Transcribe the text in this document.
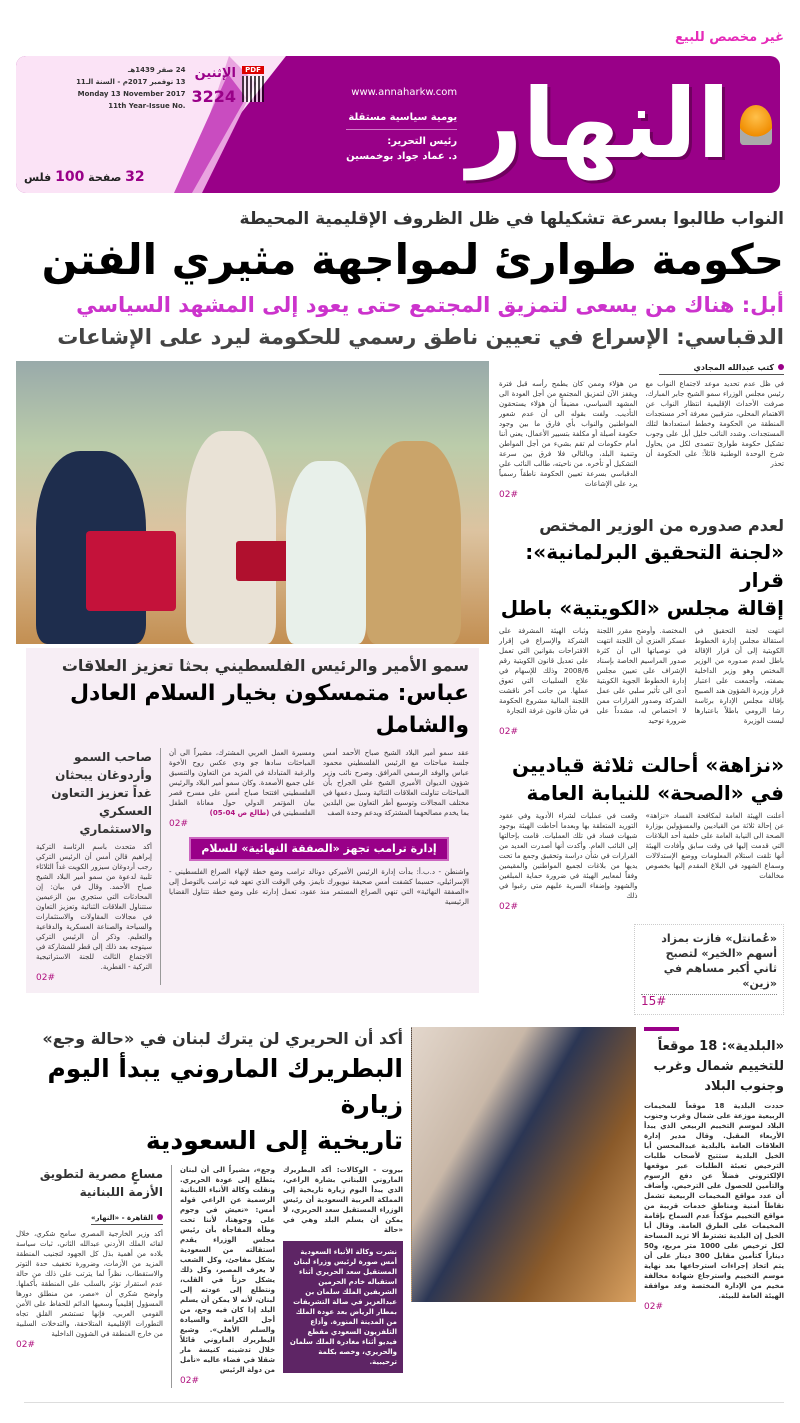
غير مخصص للبيع
النهار
www.annaharkw.com
يومية سياسية مستقلة
رئيس التحرير:
د. عماد جواد بوخمسين
PDF
الإثنين
3224
24 صفر 1439هـ
13 نوفمبر 2017م - السنة الـ11
Monday 13 November 2017
11th Year-Issue No.
32 صفحة 100 فلس
النواب طالبوا بسرعة تشكيلها في ظل الظروف الإقليمية المحيطة
حكومة طوارئ لمواجهة مثيري الفتن
أبل: هناك من يسعى لتمزيق المجتمع حتى يعود إلى المشهد السياسي
الدقباسي: الإسراع في تعيين ناطق رسمي للحكومة ليرد على الإشاعات
كتب عبدالله المجادي
في ظل عدم تحديد موعد لاجتماع النواب مع رئيس مجلس الوزراء سمو الشيخ جابر المبارك، صرفت الأحداث الإقليمية انتظار النواب عن الاهتمام المحلي، مترقبين معرفة آخر مستجدات المنطقة من الحكومة وخطط استعدادها لتلك المستجدات. وشدد النائب خليل أبل على وجوب تشكيل حكومة طوارئ تتصدى لكل من يحاول شرخ الوحدة الوطنية قائلاً: على الحكومة أن تحذر
من هؤلاء وممن كان يطمح رأسه قبل فترة ويقفز الآن لتمزيق المجتمع من أجل العودة الى المشهد السياسي، مضيفاً أن هؤلاء يستحقون التأديب. ولفت بقوله الى أن عدم شعور المواطنين والنواب بأي فارق ما بين وجود حكومة أصيلة أو مكلفة بتسيير الأعمال، يعني أننا أمام حكومات لم تقم بشيء من أجل المواطن وتنمية البلد، وبالتالي فلا فرق بين سرعة التشكيل أو تأخره. من ناحيته، طالب النائب علي الدقباسي بسرعة تعيين الحكومة ناطقاً رسمياً يرد على الإشاعات
02#
لعدم صدوره من الوزير المختص
«لجنة التحقيق البرلمانية»: قرار
إقالة مجلس «الكويتية» باطل
انتهت لجنة التحقيق في استقالة مجلس إدارة الخطوط الكويتية إلى أن قرار الإقالة باطل لعدم صدوره من الوزير المختص وهو وزير الداخلية بصفته، وأجمعت على اعتبار قرار وزيرة الشؤون هند الصبيح بإقالة مجلس الإدارة برئاسة رشا الرومي باطلاً باعتبارها ليست الوزيرة
المختصة. وأوضح مقرر اللجنة عسكر العنزي أن اللجنة انتهت في توصياتها الى أن كثرة صدور المراسيم الخاصة بإسناد الإشراف على تعيين مجلس إدارة الخطوط الجوية الكويتية أدى الى تأثير سلبي على عمل الشركة وصدور القرارات ممن لا اختصاص له، مشدداً على ضرورة توحيد
وثبات الهيئة المشرفة على الشركة والإسراع في إقرار الاقتراحات بقوانين التي تعمل على تعديل قانون الكويتية رقم 2008/6 وذلك للإسهام في علاج السلبيات التي تعوق عملها. من جانب آخر ناقشت اللجنة المالية مشروع الحكومة في شأن قانون غرفة التجارة
02#
«نزاهة» أحالت ثلاثة قياديين
في «الصحة» للنيابة العامة
أعلنت الهيئة العامة لمكافحة الفساد «نزاهة» عن إحالة ثلاثة من القياديين والمسؤولين بوزارة الصحة الى النيابة العامة على خلفية أحد البلاغات التي قدمت إليها في وقت سابق وأفادت الهيئة أنها تلقت استلام المعلومات ووضع الإستدلالات وسماع الشهود في البلاغ المقدم إليها بخصوص مخالفات
وقعت في عمليات لشراء الأدوية وفي عقود التوريد المتعلقة بها وبعدما أحاطت الهيئة بوجود شبهات فساد في تلك العمليات. قامت بإحالتها إلى النائب العام. وأكدت أنها أصدرت العديد من القرارات في شأن دراسة وتحقيق وجمع ما تحت يديها من بلاغات لجميع المواطنين والمقيمين وفقاً لمعايير الهيئة في ضرورة حماية المبلغين والشهود وإضفاء السرية عليهم متى رغبوا في ذلك
02#
«عُمانتل» فازت بمزاد أسهم «الخير» لتصبح ثاني أكبر مساهم في «زين»
15#
سمو الأمير والرئيس الفلسطيني بحثا تعزيز العلاقات
عباس: متمسكون بخيار السلام العادل والشامل
عقد سمو أمير البلاد الشيخ صباح الأحمد أمس جلسة مباحثات مع الرئيس الفلسطيني محمود عباس والوفد الرسمي المرافق. وصرح نائب وزير شؤون الديوان الأميري الشيخ علي الجراح بأن المباحثات تناولت العلاقات الثنائية وسبل دعمها في مختلف المجالات وتوسيع أطر التعاون بين البلدين بما يخدم مصالحهما المشتركة ويدعم وحدة الصف
ومسيرة العمل العربي المشترك، مشيراً الى أن المباحثات سادها جو ودي عكس روح الأخوة والرغبة المتبادلة في المزيد من التعاون والتنسيق على جميع الأصعدة. وكان سمو أمير البلاد والرئيس الفلسطيني افتتحا صباح أمس على مسرح قصر بيان المؤتمر الدولي حول معاناة الطفل الفلسطيني في (طالع ص 04-05)
02#
إدارة ترامب تجهز «الصفقة النهائية» للسلام
واشنطن - د.ب.أ: بدأت إدارة الرئيس الأميركي دونالد ترامب وضع خطة لإنهاء الصراع الفلسطيني - الإسرائيلي، حسبما كشفت أمس صحيفة نيويورك تايمز. وفي الوقت الذي تعهد فيه ترامب بالتوصل إلى «الصفقة النهائية» التي تنهي الصراع المستمر منذ عقود، تعمل إدارته على وضع خطة تتناول القضايا الرئيسية
صاحب السمو وأردوغان يبحثان غداً تعزيز التعاون العسكري والاستثماري
أكد متحدث باسم الرئاسة التركية إبراهيم قالن أمس أن الرئيس التركي رجب أردوغان سيزور الكويت غداً الثلاثاء تلبية لدعوة من سمو أمير البلاد الشيخ صباح الأحمد. وقال في بيان: إن المحادثات التي ستجري بين الزعيمين ستتناول العلاقات الثنائية وتعزيز التعاون في مجالات المقاولات والاستثمارات والسياحة والصناعة العسكرية والدفاعية والتعليم. وذكر أن الرئيس التركي سيتوجه بعد ذلك إلى قطر للمشاركة في الاجتماع الثالث للجنة الاستراتيجية التركية - القطرية.
02#
«البلدية»: 18 موقعاً للتخييم شمال وغرب وجنوب البلاد
حددت البلدية 18 موقعاً للمخيمات الربيعية موزعة على شمال وغرب وجنوب البلاد لموسم التخييم الربيعي الذي يبدأ الأربعاء المقبل. وقال مدير إدارة العلاقات العامة بالبلدية عبدالمحسن أبا الخيل البلدية ستتيح لأصحاب طلبات الترخيص تعبئة الطلبات عبر موقعها الإلكتروني فضلاً عن دفع الرسوم والتأمين للحصول على الترخيص. وأضاف أن عدد مواقع المخيمات الربيعية تشمل نقاطاً أمنية ومناطق خدمات قريبة من مواقع التخييم مؤكداً عدم السماح بإقامة المخيمات على الطرق العامة. وقال أبا الخيل إن البلدية تشترط ألا تزيد المساحة لكل ترخيص على 1000 متر مربع، و50 ديناراً كتأمين مقابل 300 دينار على أن يتم اتخاذ إجراءات استرجاعها بعد نهاية موسم التخييم واسترجاع شهادة مخالفة مخيم من الإدارة المختصة وعد موافقة الهيئة العامة للبيئة.
02#
أكد أن الحريري لن يترك لبنان في «حالة وجع»
البطريرك الماروني يبدأ اليوم زيارة
تاريخية إلى السعودية
بيروت - الوكالات: أكد البطريرك الماروني اللبناني بشارة الراعي، الذي يبدأ اليوم زيارة تاريخية إلى المملكة العربية السعودية أن رئيس الوزراء المستقيل سعد الحريري، لا يمكن أن يسلم البلد وهي في «حالة
نشرت وكالة الأنباء السعودية أمس صورة لرئيس وزراء لبنان المستقيل سعد الحريري أثناء استقباله خادم الحرمين الشريفين الملك سلمان بن عبدالعزيز في صالة التشريفات بمطار الرياض بعد عودة الملك من المدينة المنورة. وأذاع التلفزيون السعودي مقطع فيديو أثناء مغادرة الملك سلمان والحريري، وخصه بكلمة ترحيبية.
وجع»، مشيراً الى أن لبنان يتطلع إلى عودة الحريري. ونقلت وكالة الأنباء اللبنانية الرسمية عن الراعي قوله أمس: «نعيش في وجوم على وجوهنا، لأننا تحت وطأة المفاجأة بأن رئيس مجلس الوزراء يقدم استقالته من السعودية بشكل مفاجئ، وكل الشعب لا يعرف المصير، وكل ذلك يشكل حزناً في القلب، ونتطلع إلى عودته إلى لبنان، لأنه لا يمكن أن يسلم البلد إذا كان فيه وجع، من أجل الكرامة والسيادة والسلم الأهلي». وشيع البطريرك الماروني قائلاً خلال تدشينه كنيسة مار شقلا في فضاء عاليه «نأمل من دولة الرئيس
02#
مساعٍ مصرية لتطويق الأزمة اللبنانية
القاهرة - «النهار»
أكد وزير الخارجية المصري سامح شكري، خلال لقائه الملك الأردني عبدالله الثاني، ثبات سياسة بلاده من أهمية بذل كل الجهود لتجنيب المنطقة المزيد من الأزمات، وضرورة تخفيف حدة التوتر والاستقطاب، نظراً لما يترتب على ذلك من حالة عدم استقرار تؤثر بالسلب على المنطقة بأكملها. وأوضح شكري أن «مصر، من منطلق دورها المسؤول إقليمياً وسعيها الدائم للحفاظ على الأمن القومي العربي، فإنها تستشعر القلق تجاه التطورات الإقليمية المتلاحقة، والتدخلات السلبية من خارج المنطقة في الشؤون الداخلية
02#
